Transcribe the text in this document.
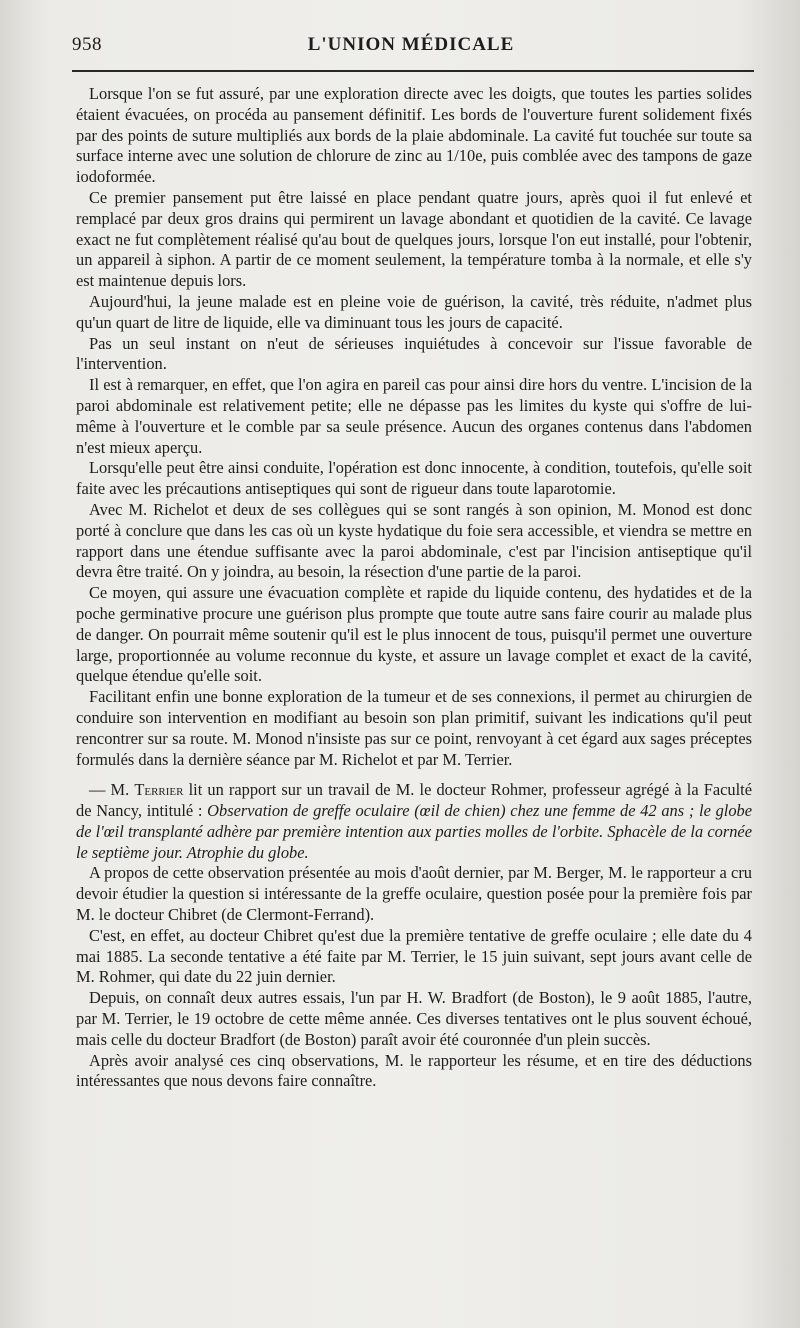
958	L'UNION MÉDICALE

Lorsque l'on se fut assuré, par une exploration directe avec les doigts, que toutes les parties solides étaient évacuées, on procéda au pansement définitif. Les bords de l'ouverture furent solidement fixés par des points de suture multipliés aux bords de la plaie abdominale. La cavité fut touchée sur toute sa surface interne avec une solution de chlorure de zinc au 1/10e, puis comblée avec des tampons de gaze iodoformée.

Ce premier pansement put être laissé en place pendant quatre jours, après quoi il fut enlevé et remplacé par deux gros drains qui permirent un lavage abondant et quotidien de la cavité. Ce lavage exact ne fut complètement réalisé qu'au bout de quelques jours, lorsque l'on eut installé, pour l'obtenir, un appareil à siphon. A partir de ce moment seulement, la température tomba à la normale, et elle s'y est maintenue depuis lors.

Aujourd'hui, la jeune malade est en pleine voie de guérison, la cavité, très réduite, n'admet plus qu'un quart de litre de liquide, elle va diminuant tous les jours de capacité.

Pas un seul instant on n'eut de sérieuses inquiétudes à concevoir sur l'issue favorable de l'intervention.

Il est à remarquer, en effet, que l'on agira en pareil cas pour ainsi dire hors du ventre. L'incision de la paroi abdominale est relativement petite; elle ne dépasse pas les limites du kyste qui s'offre de lui-même à l'ouverture et le comble par sa seule présence. Aucun des organes contenus dans l'abdomen n'est mieux aperçu.

Lorsqu'elle peut être ainsi conduite, l'opération est donc innocente, à condition, toutefois, qu'elle soit faite avec les précautions antiseptiques qui sont de rigueur dans toute laparotomie.

Avec M. Richelot et deux de ses collègues qui se sont rangés à son opinion, M. Monod est donc porté à conclure que dans les cas où un kyste hydatique du foie sera accessible, et viendra se mettre en rapport dans une étendue suffisante avec la paroi abdominale, c'est par l'incision antiseptique qu'il devra être traité. On y joindra, au besoin, la résection d'une partie de la paroi.

Ce moyen, qui assure une évacuation complète et rapide du liquide contenu, des hydatides et de la poche germinative procure une guérison plus prompte que toute autre sans faire courir au malade plus de danger. On pourrait même soutenir qu'il est le plus innocent de tous, puisqu'il permet une ouverture large, proportionnée au volume reconnue du kyste, et assure un lavage complet et exact de la cavité, quelque étendue qu'elle soit.

Facilitant enfin une bonne exploration de la tumeur et de ses connexions, il permet au chirurgien de conduire son intervention en modifiant au besoin son plan primitif, suivant les indications qu'il peut rencontrer sur sa route. M. Monod n'insiste pas sur ce point, renvoyant à cet égard aux sages préceptes formulés dans la dernière séance par M. Richelot et par M. Terrier.

— M. Terrier lit un rapport sur un travail de M. le docteur Rohmer, professeur agrégé à la Faculté de Nancy, intitulé : Observation de greffe oculaire (œil de chien) chez une femme de 42 ans ; le globe de l'œil transplanté adhère par première intention aux parties molles de l'orbite. Sphacèle de la cornée le septième jour. Atrophie du globe.

A propos de cette observation présentée au mois d'août dernier, par M. Berger, M. le rapporteur a cru devoir étudier la question si intéressante de la greffe oculaire, question posée pour la première fois par M. le docteur Chibret (de Clermont-Ferrand).

C'est, en effet, au docteur Chibret qu'est due la première tentative de greffe oculaire ; elle date du 4 mai 1885. La seconde tentative a été faite par M. Terrier, le 15 juin suivant, sept jours avant celle de M. Rohmer, qui date du 22 juin dernier.

Depuis, on connaît deux autres essais, l'un par H. W. Bradfort (de Boston), le 9 août 1885, l'autre, par M. Terrier, le 19 octobre de cette même année. Ces diverses tentatives ont le plus souvent échoué, mais celle du docteur Bradfort (de Boston) paraît avoir été couronnée d'un plein succès.

Après avoir analysé ces cinq observations, M. le rapporteur les résume, et en tire des déductions intéressantes que nous devons faire connaître.
